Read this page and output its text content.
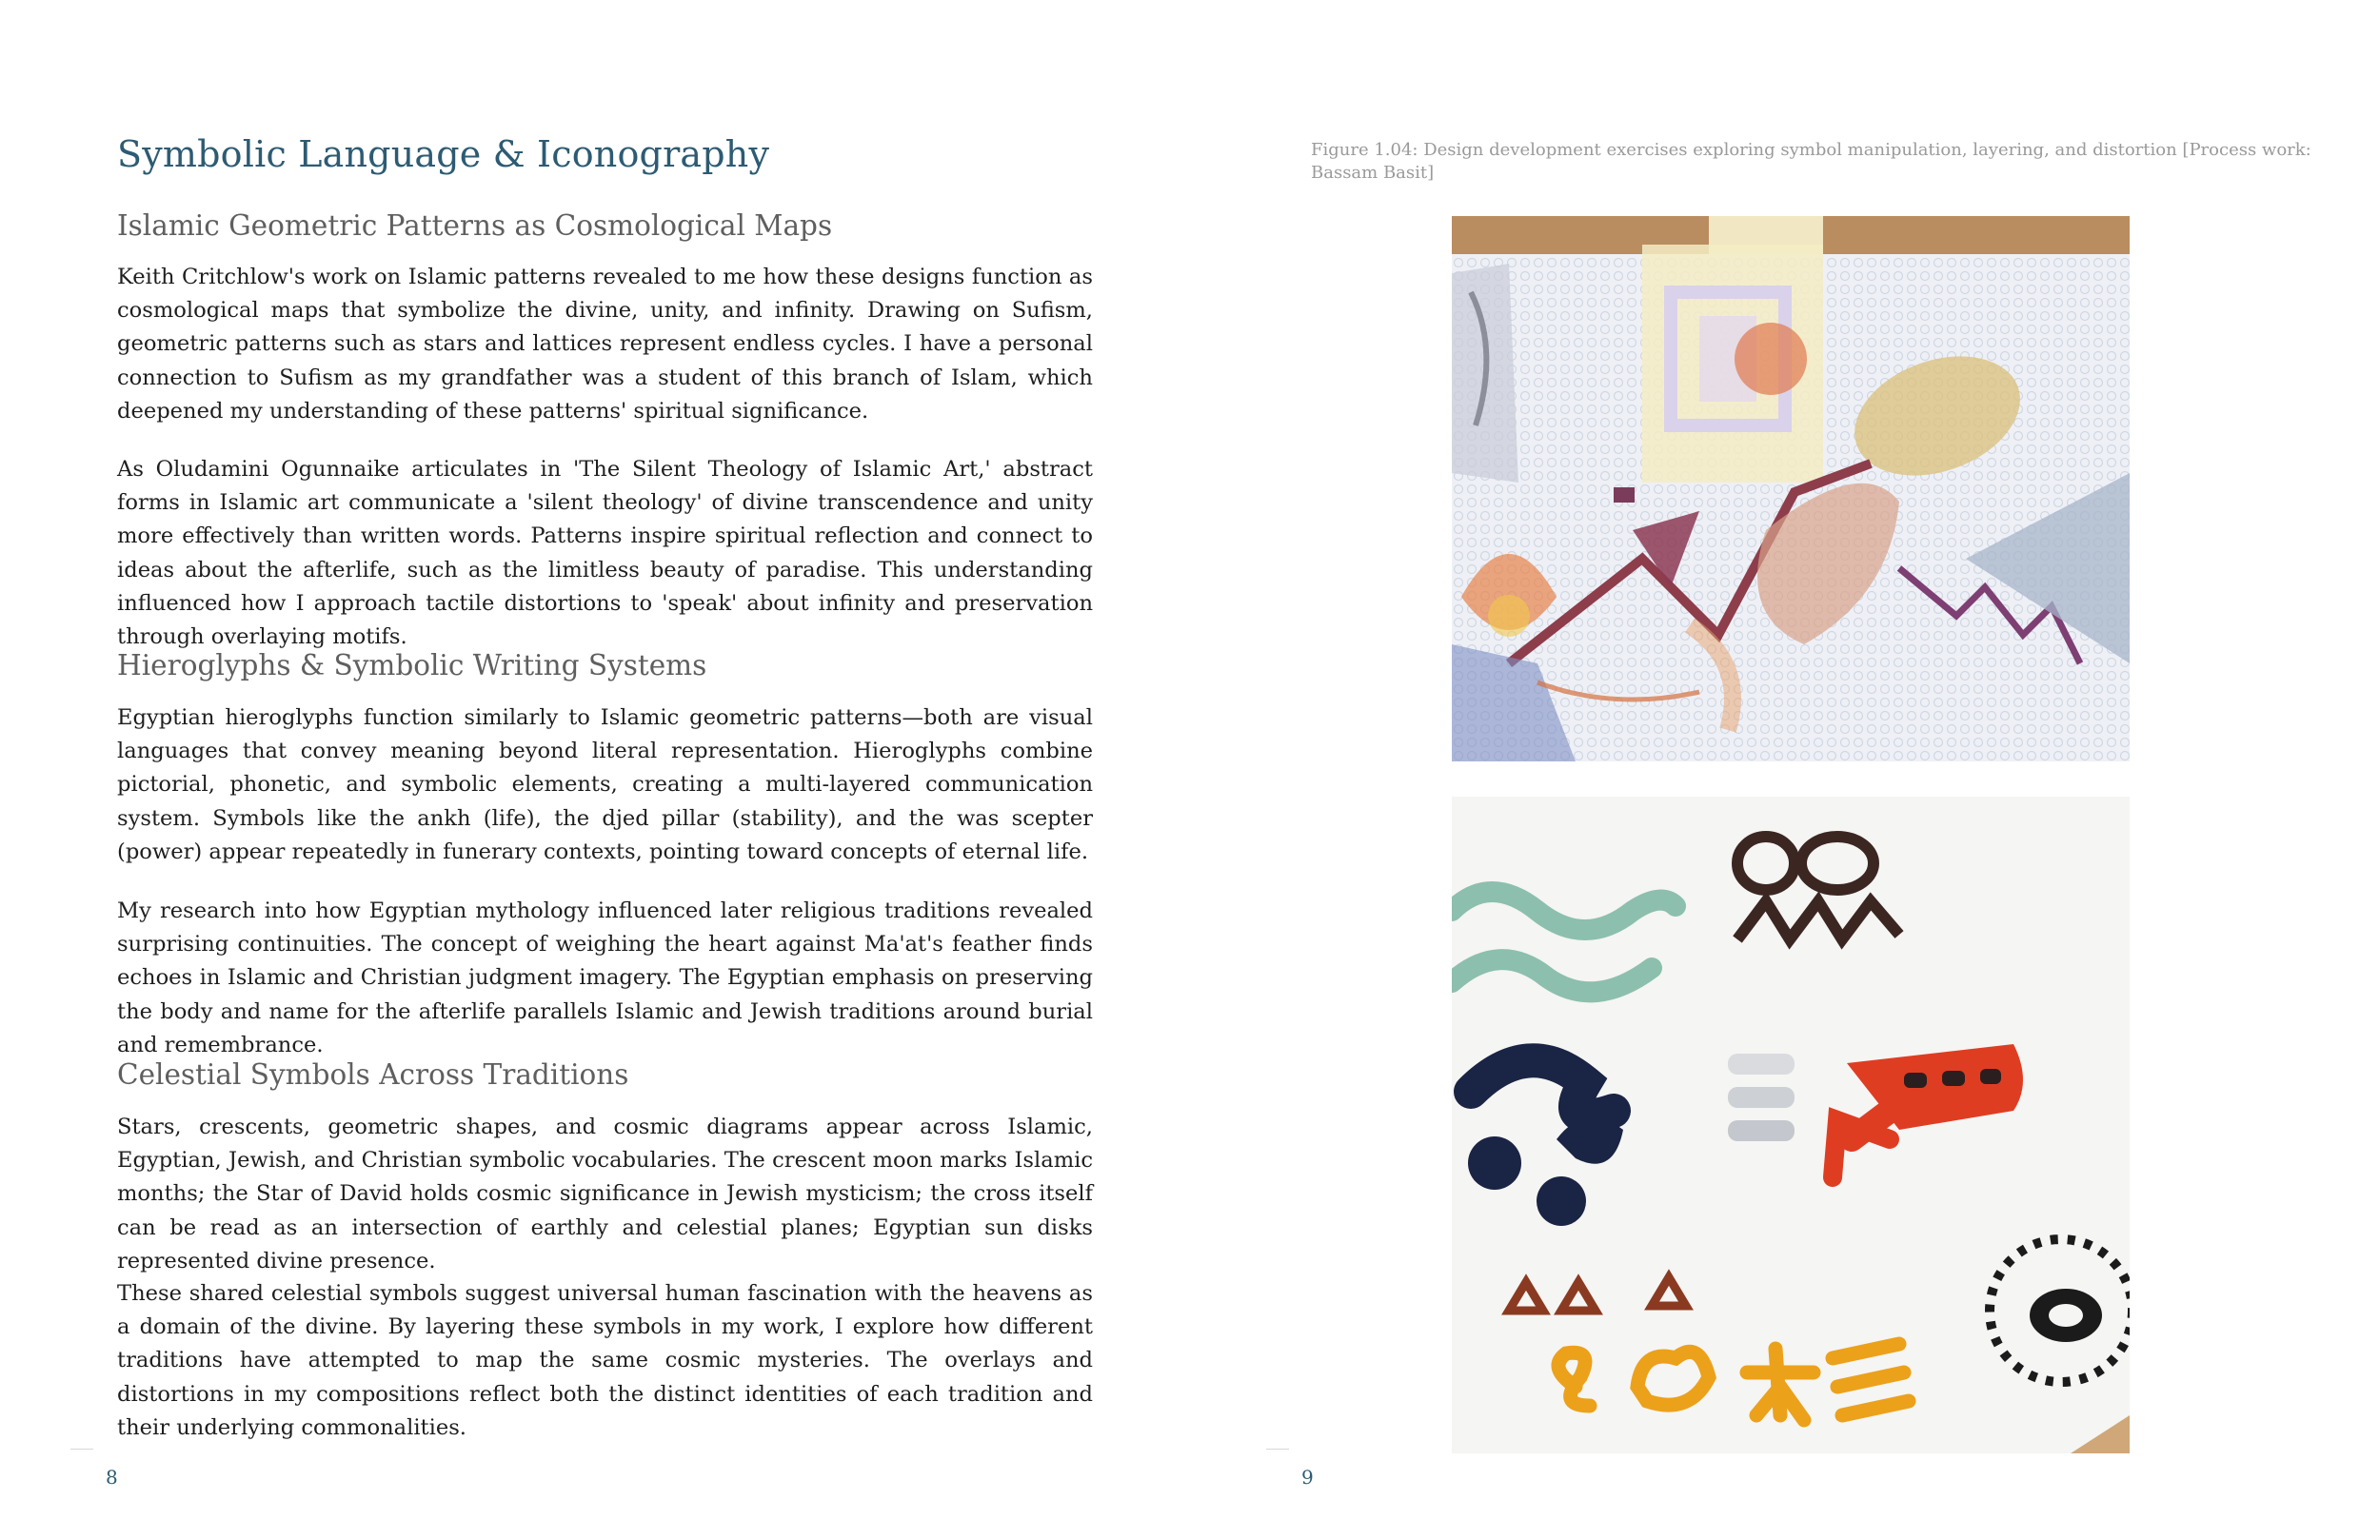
Symbolic Language & Iconography
Islamic Geometric Patterns as Cosmological Maps

Keith Critchlow's work on Islamic patterns revealed to me how these designs function as cosmological maps that symbolize the divine, unity, and infinity. Drawing on Sufism, geometric patterns such as stars and lattices represent endless cycles. I have a personal connection to Sufism as my grandfather was a student of this branch of Islam, which deepened my understanding of these patterns' spiritual significance.

As Oludamini Ogunnaike articulates in 'The Silent Theology of Islamic Art,' abstract forms in Islamic art communicate a 'silent theology' of divine transcendence and unity more effectively than written words. Patterns inspire spiritual reflection and connect to ideas about the afterlife, such as the limitless beauty of paradise. This understanding influenced how I approach tactile distortions to 'speak' about infinity and preservation through overlaying motifs.

Hieroglyphs & Symbolic Writing Systems

Egyptian hieroglyphs function similarly to Islamic geometric patterns—both are visual languages that convey meaning beyond literal representation. Hieroglyphs combine pictorial, phonetic, and symbolic elements, creating a multi-layered communication system. Symbols like the ankh (life), the djed pillar (stability), and the was scepter (power) appear repeatedly in funerary contexts, pointing toward concepts of eternal life.

My research into how Egyptian mythology influenced later religious traditions revealed surprising continuities. The concept of weighing the heart against Ma'at's feather finds echoes in Islamic and Christian judgment imagery. The Egyptian emphasis on preserving the body and name for the afterlife parallels Islamic and Jewish traditions around burial and remembrance.

Celestial Symbols Across Traditions

Stars, crescents, geometric shapes, and cosmic diagrams appear across Islamic, Egyptian, Jewish, and Christian symbolic vocabularies. The crescent moon marks Islamic months; the Star of David holds cosmic significance in Jewish mysticism; the cross itself can be read as an intersection of earthly and celestial planes; Egyptian sun disks represented divine presence.

These shared celestial symbols suggest universal human fascination with the heavens as a domain of the divine. By layering these symbols in my work, I explore how different traditions have attempted to map the same cosmic mysteries. The overlays and distortions in my compositions reflect both the distinct identities of each tradition and their underlying commonalities.

8

Figure 1.04: Design development exercises exploring symbol manipulation, layering, and distortion [Process work: Bassam Basit]

9
